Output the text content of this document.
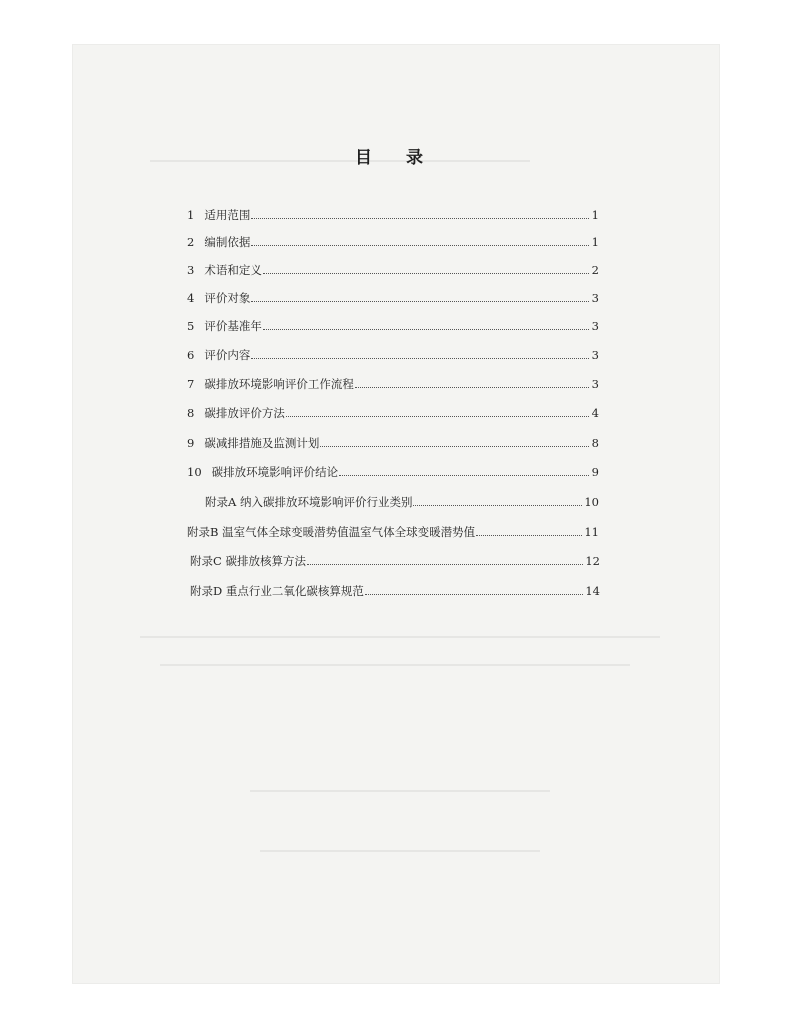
目 录
1 适用范围	1
2 编制依据	1
3 术语和定义	2
4 评价对象	3
5 评价基准年	3
6 评价内容	3
7 碳排放环境影响评价工作流程	3
8 碳排放评价方法	4
9 碳减排措施及监测计划	8
10 碳排放环境影响评价结论	9
附录A 纳入碳排放环境影响评价行业类别	10
附录B 温室气体全球变暖潜势值温室气体全球变暖潜势值	11
附录C 碳排放核算方法	12
附录D 重点行业二氧化碳核算规范	14
